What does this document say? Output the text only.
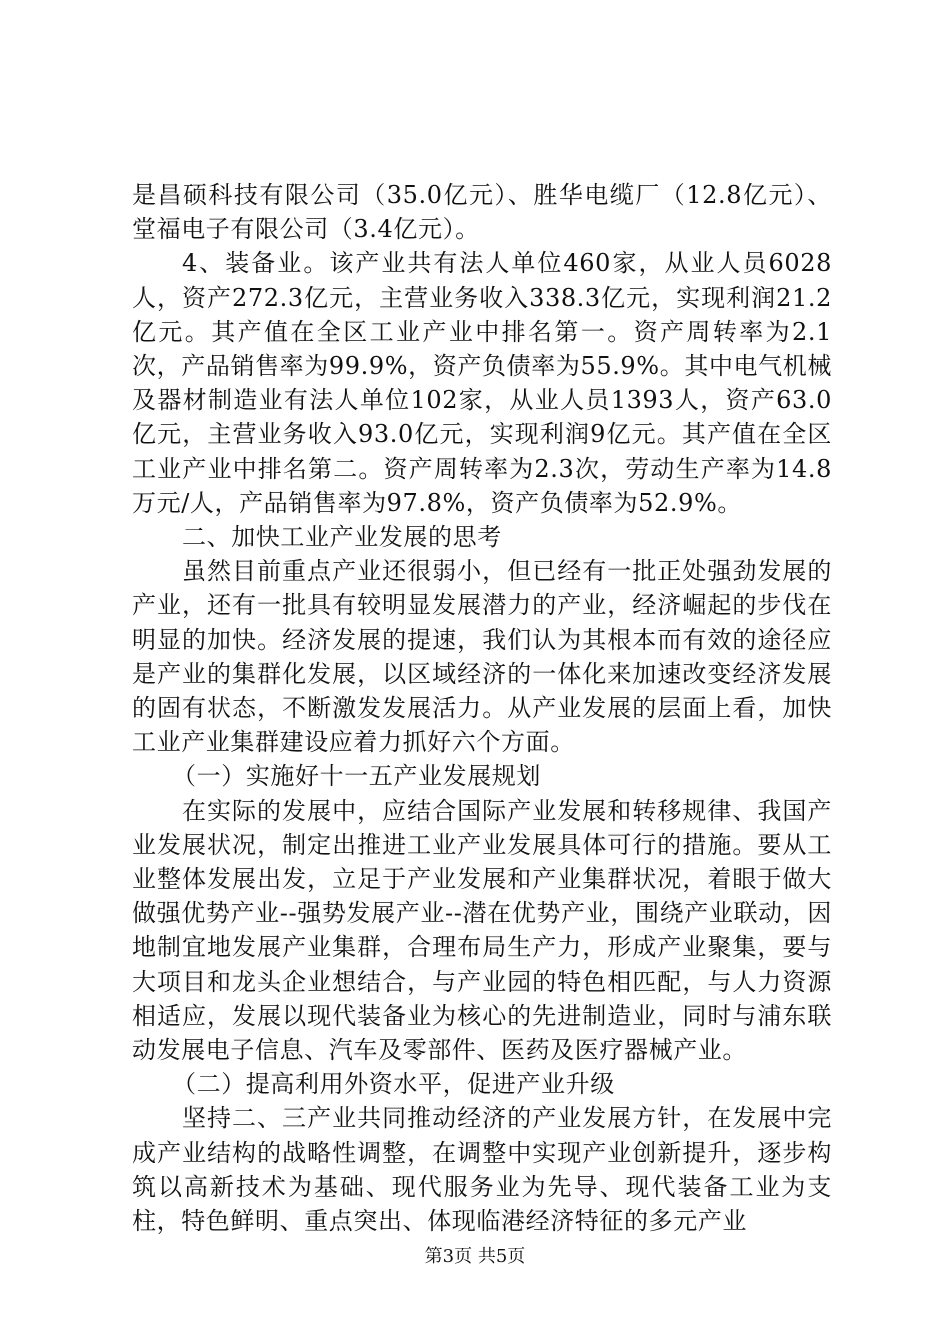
是昌硕科技有限公司（35.0亿元）、胜华电缆厂（12.8亿元）、堂福电子有限公司（3.4亿元）。

4、装备业。该产业共有法人单位460家，从业人员6028人，资产272.3亿元，主营业务收入338.3亿元，实现利润21.2亿元。其产值在全区工业产业中排名第一。资产周转率为2.1次，产品销售率为99.9%，资产负债率为55.9%。其中电气机械及器材制造业有法人单位102家，从业人员1393人，资产63.0亿元，主营业务收入93.0亿元，实现利润9亿元。其产值在全区工业产业中排名第二。资产周转率为2.3次，劳动生产率为14.8万元/人，产品销售率为97.8%，资产负债率为52.9%。

二、加快工业产业发展的思考

虽然目前重点产业还很弱小，但已经有一批正处强劲发展的产业，还有一批具有较明显发展潜力的产业，经济崛起的步伐在明显的加快。经济发展的提速，我们认为其根本而有效的途径应是产业的集群化发展，以区域经济的一体化来加速改变经济发展的固有状态，不断激发发展活力。从产业发展的层面上看，加快工业产业集群建设应着力抓好六个方面。

（一）实施好十一五产业发展规划

在实际的发展中，应结合国际产业发展和转移规律、我国产业发展状况，制定出推进工业产业发展具体可行的措施。要从工业整体发展出发，立足于产业发展和产业集群状况，着眼于做大做强优势产业--强势发展产业--潜在优势产业，围绕产业联动，因地制宜地发展产业集群，合理布局生产力，形成产业聚集，要与大项目和龙头企业想结合，与产业园的特色相匹配，与人力资源相适应，发展以现代装备业为核心的先进制造业，同时与浦东联动发展电子信息、汽车及零部件、医药及医疗器械产业。

（二）提高利用外资水平，促进产业升级

坚持二、三产业共同推动经济的产业发展方针，在发展中完成产业结构的战略性调整，在调整中实现产业创新提升，逐步构筑以高新技术为基础、现代服务业为先导、现代装备工业为支柱，特色鲜明、重点突出、体现临港经济特征的多元产业

第3页 共5页
